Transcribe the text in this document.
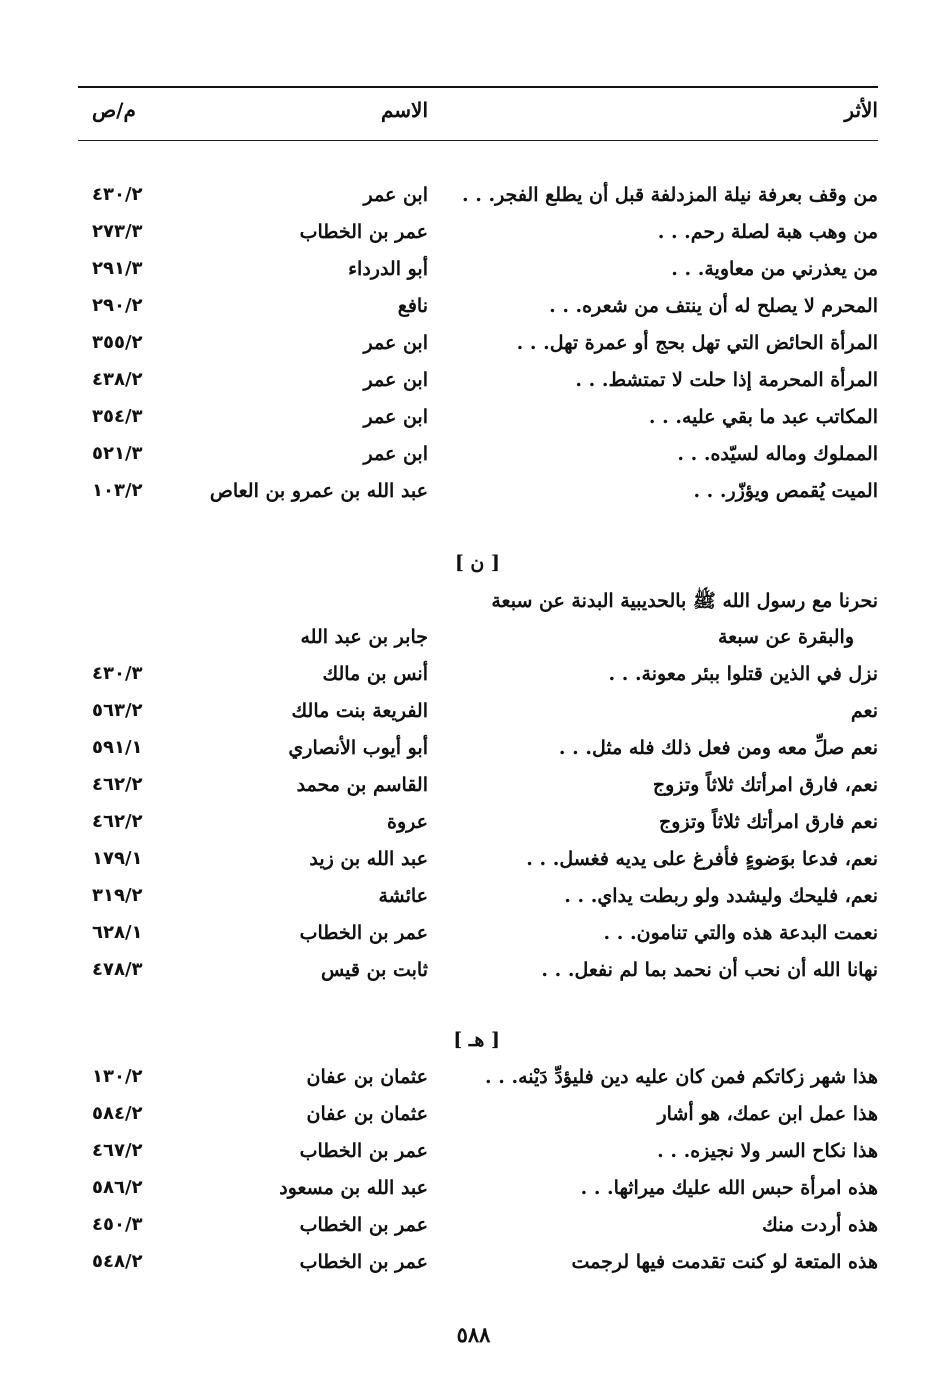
الأثر
الاسم
م/ص
من وقف بعرفة نيلة المزدلفة قبل أن يطلع الفجر. . .
ابن عمر
٤٣٠/٢
من وهب هبة لصلة رحم. . .
عمر بن الخطاب
٢٧٣/٣
من يعذرني من معاوية. . .
أبو الدرداء
٢٩١/٣
المحرم لا يصلح له أن ينتف من شعره. . .
نافع
٢٩٠/٢
المرأة الحائض التي تهل بحج أو عمرة تهل. . .
ابن عمر
٣٥٥/٢
المرأة المحرمة إذا حلت لا تمتشط. . .
ابن عمر
٤٣٨/٢
المكاتب عبد ما بقي عليه. . .
ابن عمر
٣٥٤/٣
المملوك وماله لسيّده. . .
ابن عمر
٥٢١/٣
الميت يُقمص ويؤزّر. . .
عبد الله بن عمرو بن العاص
١٠٣/٢
[ ن ]
نحرنا مع رسول الله ﷺ بالحديبية البدنة عن سبعة
والبقرة عن سبعة
جابر بن عبد الله
نزل في الذين قتلوا ببئر معونة. . .
أنس بن مالك
٤٣٠/٣
نعم
الفريعة بنت مالك
٥٦٣/٢
نعم صلِّ معه ومن فعل ذلك فله مثل. . .
أبو أيوب الأنصاري
٥٩١/١
نعم، فارق امرأتك ثلاثاً وتزوج
القاسم بن محمد
٤٦٢/٢
نعم فارق امرأتك ثلاثاً وتزوج
عروة
٤٦٢/٢
نعم، فدعا بوَضوءٍ فأفرغ على يديه فغسل. . .
عبد الله بن زيد
١٧٩/١
نعم، فليحك وليشدد ولو ربطت يداي. . .
عائشة
٣١٩/٢
نعمت البدعة هذه والتي تنامون. . .
عمر بن الخطاب
٦٢٨/١
نهانا الله أن نحب أن نحمد بما لم نفعل. . .
ثابت بن قيس
٤٧٨/٣
[ هـ ]
هذا شهر زكاتكم فمن كان عليه دين فليؤدِّ دَيْنه. . .
عثمان بن عفان
١٣٠/٢
هذا عمل ابن عمك، هو أشار
عثمان بن عفان
٥٨٤/٢
هذا نكاح السر ولا نجيزه. . .
عمر بن الخطاب
٤٦٧/٢
هذه امرأة حبس الله عليك ميراثها. . .
عبد الله بن مسعود
٥٨٦/٢
هذه أردت منك
عمر بن الخطاب
٤٥٠/٣
هذه المتعة لو كنت تقدمت فيها لرجمت
عمر بن الخطاب
٥٤٨/٢
٥٨٨
